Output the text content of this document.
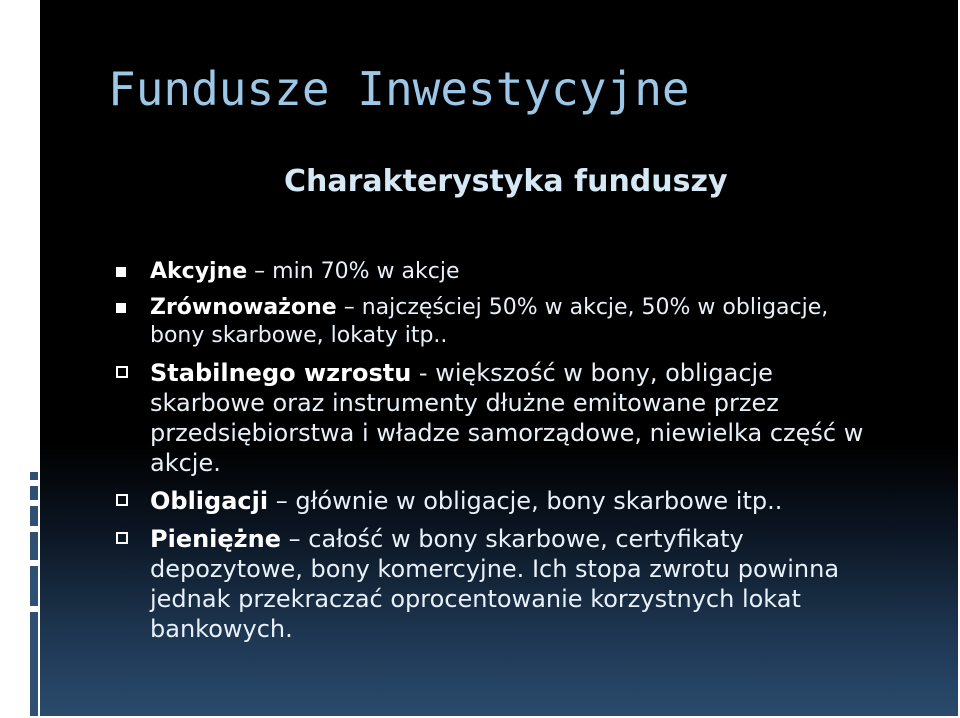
Fundusze Inwestycyjne
Charakterystyka funduszy
Akcyjne – min 70% w akcje
Zrównoważone – najczęściej 50% w akcje, 50% w obligacje, bony skarbowe, lokaty itp..
Stabilnego wzrostu - większość w bony, obligacje skarbowe oraz instrumenty dłużne emitowane przez przedsiębiorstwa i władze samorządowe, niewielka część w akcje.
Obligacji – głównie w obligacje, bony skarbowe itp..
Pieniężne – całość w bony skarbowe, certyfikaty depozytowe, bony komercyjne. Ich stopa zwrotu powinna jednak przekraczać oprocentowanie korzystnych lokat bankowych.
